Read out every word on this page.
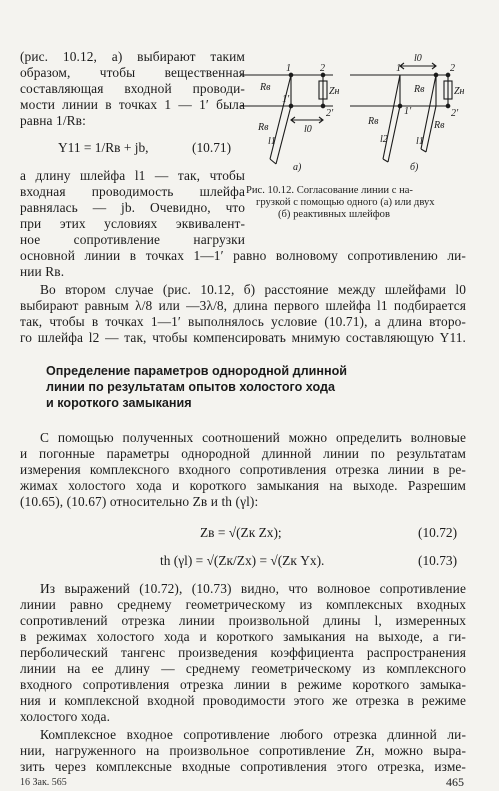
(рис. 10.12, а) выбирают таким
образом, чтобы вещественная
составляющая входной проводи-
мости линии в точках 1 — 1′ была
равна 1/Rв:
Y11 = 1/Rв + jb,	(10.71)
а длину шлейфа l1 — так, чтобы
входная проводимость шлейфа
равнялась — jb. Очевидно, что
при этих условиях эквивалент-
ное сопротивление нагрузки
основной линии в точках 1—1′ равно волновому сопротивлению ли-
нии Rв.
1	2
1′
2′
Zн
Rв
Rв	l0
l1
а)
1	2
1′	2′
Zн
Rв
Rв	Rв
l0
l1
l2
б)
Рис. 10.12. Согласование линии с на-
грузкой с помощью одного (а) или двух
(б) реактивных шлейфов
Во втором случае (рис. 10.12, б) расстояние между шлейфами l0
выбирают равным λ/8 или —3λ/8, длина первого шлейфа l1 подбирается
так, чтобы в точках 1—1′ выполнялось условие (10.71), а длина второ-
го шлейфа l2 — так, чтобы компенсировать мнимую составляющую Y11.
Определение параметров однородной длинной
линии по результатам опытов холостого хода
и короткого замыкания
С помощью полученных соотношений можно определить волновые
и погонные параметры однородной длинной линии по результатам
измерения комплексного входного сопротивления отрезка линии в ре-
жимах холостого хода и короткого замыкания на выходе. Разрешим
(10.65), (10.67) относительно Zв и th (γl):
Zв = √(Zк Zх);	(10.72)
th (γl) = √(Zк/Zх) = √(Zк Yх).	(10.73)
Из выражений (10.72), (10.73) видно, что волновое сопротивление
линии равно среднему геометрическому из комплексных входных
сопротивлений отрезка линии произвольной длины l, измеренных
в режимах холостого хода и короткого замыкания на выходе, а ги-
перболический тангенс произведения коэффициента распространения
линии на ее длину — среднему геометрическому из комплексного
входного сопротивления отрезка линии в режиме короткого замыка-
ния и комплексной входной проводимости этого же отрезка в режиме
холостого хода.
Комплексное входное сопротивление любого отрезка длинной ли-
нии, нагруженного на произвольное сопротивление Zн, можно выра-
зить через комплексные входные сопротивления этого отрезка, изме-
16 Зак. 565	465
